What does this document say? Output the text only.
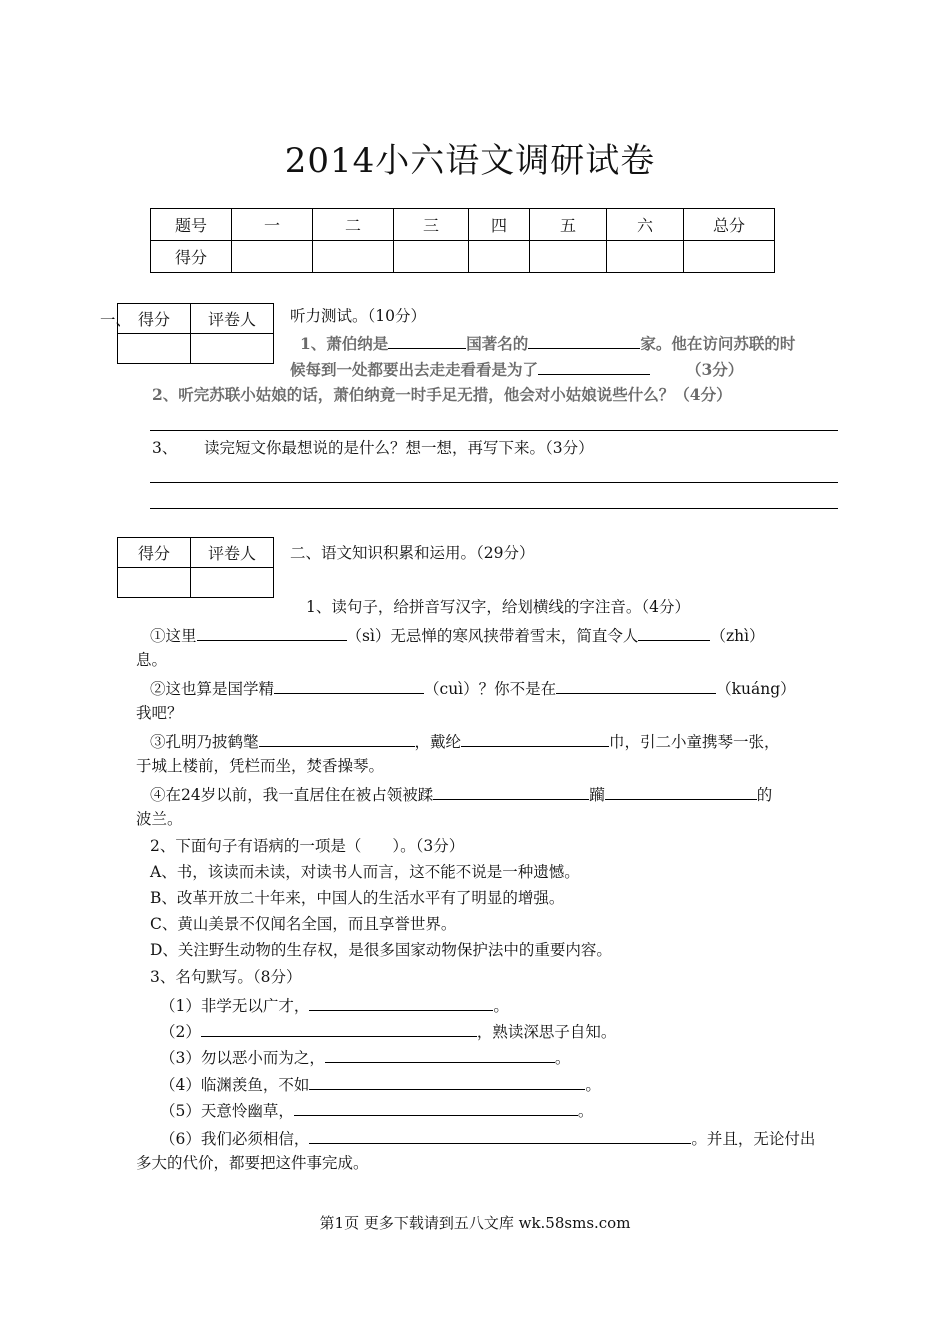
2014小六语文调研试卷
题号	一	二	三	四	五	六	总分
得分							
一、 得分	评卷人
	听力测试。（10分）
1、萧伯纳是	国著名的	家。他在访问苏联的时
候每到一处都要出去走走看看是为了	（3分）
2、听完苏联小姑娘的话，萧伯纳竟一时手足无措，他会对小姑娘说些什么？（4分）
3、 读完短文你最想说的是什么？想一想，再写下来。（3分）
得分	评卷人
	二、语文知识积累和运用。（29分）
1、读句子，给拼音写汉字，给划横线的字注音。（4分）
①这里	（sì）无忌惮的寒风挟带着雪末，简直令人	（zhì）
息。
②这也算是国学精	（cuì）？你不是在	（kuáng）
我吧？
③孔明乃披鹤氅	，戴纶	巾，引二小童携琴一张，
于城上楼前，凭栏而坐，焚香操琴。
④在24岁以前，我一直居住在被占领被蹂	躏	的
波兰。
2、下面句子有语病的一项是（　　）。（3分）
A、书，该读而未读，对读书人而言，这不能不说是一种遗憾。
B、改革开放二十年来，中国人的生活水平有了明显的增强。
C、黄山美景不仅闻名全国，而且享誉世界。
D、关注野生动物的生存权，是很多国家动物保护法中的重要内容。
3、名句默写。（8分）
（1）非学无以广才，	。
（2）	，熟读深思子自知。
（3）勿以恶小而为之，	。
（4）临渊羡鱼，不如	。
（5）天意怜幽草，	。
（6）我们必须相信，	。并且，无论付出
多大的代价，都要把这件事完成。
第1页 更多下载请到五八文库 wk.58sms.com
